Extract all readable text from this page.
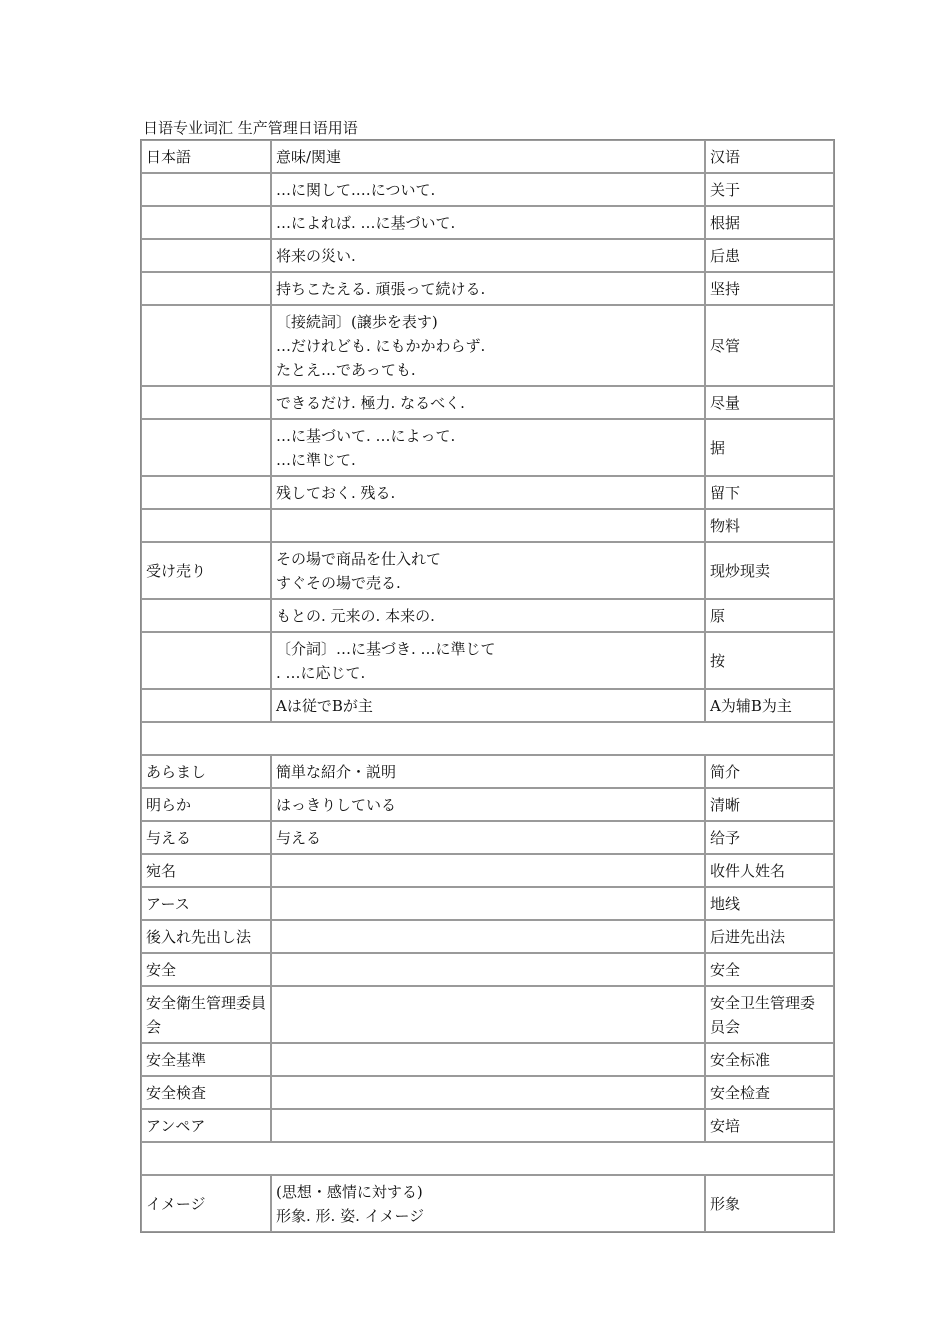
日语专业词汇 生产管理日语用语
日本語	意味/関連	汉语

	…に関して.…について.	关于

	…によれば. …に基づいて.	根据

	将来の災い.	后患

	持ちこたえる. 頑張って続ける.	坚持

	〔接続詞〕(譲歩を表す)
…だけれども. にもかかわらず.
たとえ…であっても.	尽管

	できるだけ. 極力. なるべく.	尽量

	…に基づいて. …によって.
…に準じて.	据

	残しておく. 残る.	留下

	物料
受け売り	その場で商品を仕入れて
すぐその場で売る.	现炒现卖

	もとの. 元来の. 本来の.	原

	〔介詞〕…に基づき. …に準じて
. …に応じて.	按

	Aは従でBが主	A为辅B为主

あらまし	簡単な紹介・説明	简介
明らか	はっきりしている	清晰
与える	与える	给予
宛名		收件人姓名
アース		地线
後入れ先出し法		后进先出法
安全		安全
安全衛生管理委員会		安全卫生管理委员会
安全基準		安全标准
安全検査		安全检查
アンペア		安培

イメージ	(思想・感情に対する)
形象. 形. 姿. イメージ	形象
